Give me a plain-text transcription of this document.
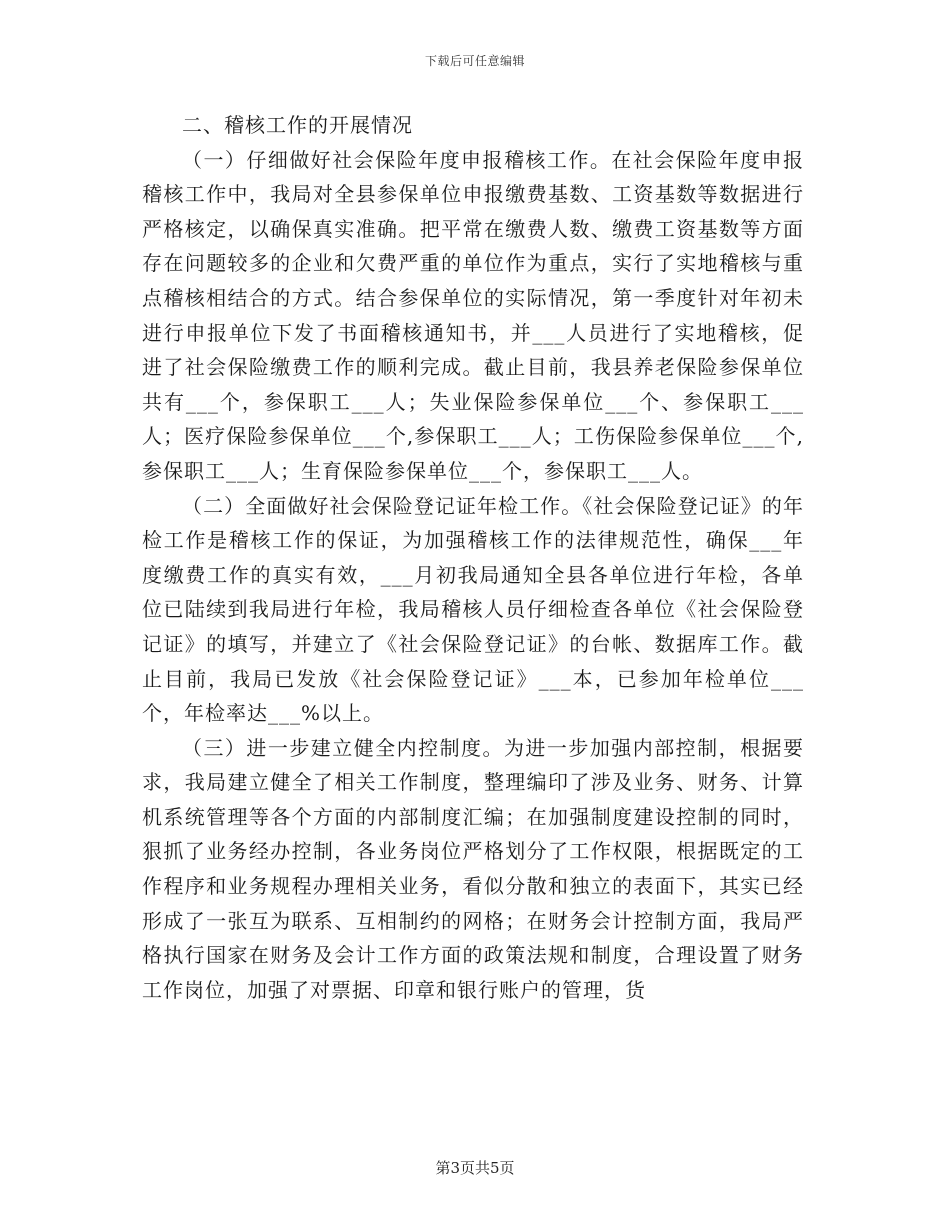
下载后可任意编辑

二、稽核工作的开展情况

（一）仔细做好社会保险年度申报稽核工作。在社会保险年度申报稽核工作中，我局对全县参保单位申报缴费基数、工资基数等数据进行严格核定，以确保真实准确。把平常在缴费人数、缴费工资基数等方面存在问题较多的企业和欠费严重的单位作为重点，实行了实地稽核与重点稽核相结合的方式。结合参保单位的实际情况，第一季度针对年初未进行申报单位下发了书面稽核通知书，并___人员进行了实地稽核，促进了社会保险缴费工作的顺利完成。截止目前，我县养老保险参保单位共有___个，参保职工___人；失业保险参保单位___个、参保职工___人；医疗保险参保单位___个,参保职工___人；工伤保险参保单位___个,参保职工___人；生育保险参保单位___个，参保职工___人。

（二）全面做好社会保险登记证年检工作。《社会保险登记证》的年检工作是稽核工作的保证，为加强稽核工作的法律规范性，确保___年度缴费工作的真实有效，___月初我局通知全县各单位进行年检，各单位已陆续到我局进行年检，我局稽核人员仔细检查各单位《社会保险登记证》的填写，并建立了《社会保险登记证》的台帐、数据库工作。截止目前，我局已发放《社会保险登记证》___本，已参加年检单位___个，年检率达___%以上。

（三）进一步建立健全内控制度。为进一步加强内部控制，根据要求，我局建立健全了相关工作制度，整理编印了涉及业务、财务、计算机系统管理等各个方面的内部制度汇编；在加强制度建设控制的同时，狠抓了业务经办控制，各业务岗位严格划分了工作权限，根据既定的工作程序和业务规程办理相关业务，看似分散和独立的表面下，其实已经形成了一张互为联系、互相制约的网格；在财务会计控制方面，我局严格执行国家在财务及会计工作方面的政策法规和制度，合理设置了财务工作岗位，加强了对票据、印章和银行账户的管理，货

第3页共5页
